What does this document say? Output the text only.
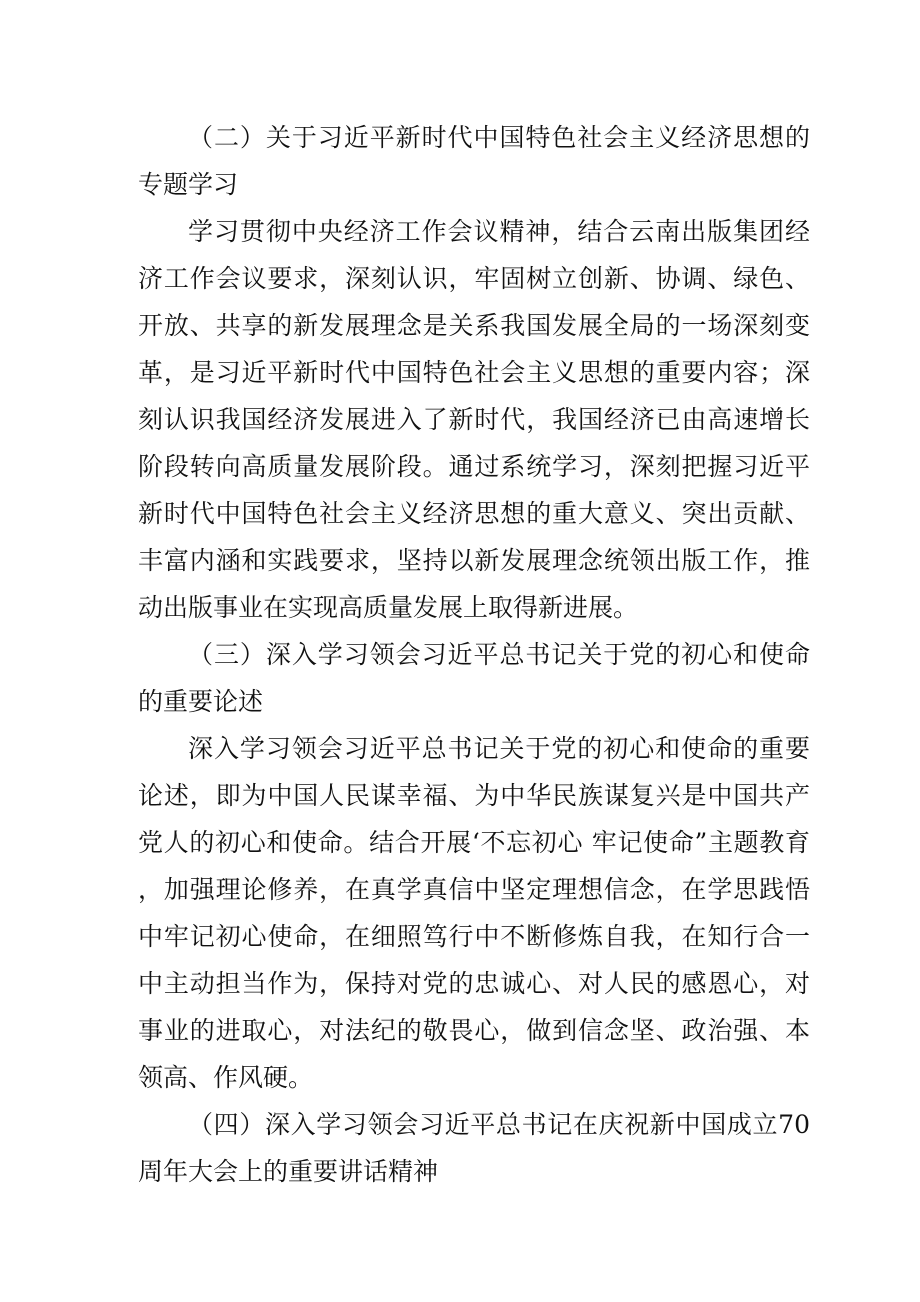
（二）关于习近平新时代中国特色社会主义经济思想的专题学习

学习贯彻中央经济工作会议精神，结合云南出版集团经济工作会议要求，深刻认识，牢固树立创新、协调、绿色、开放、共享的新发展理念是关系我国发展全局的一场深刻变革，是习近平新时代中国特色社会主义思想的重要内容；深刻认识我国经济发展进入了新时代，我国经济已由高速增长阶段转向高质量发展阶段。通过系统学习，深刻把握习近平新时代中国特色社会主义经济思想的重大意义、突出贡献、丰富内涵和实践要求，坚持以新发展理念统领出版工作，推动出版事业在实现高质量发展上取得新进展。

（三）深入学习领会习近平总书记关于党的初心和使命的重要论述

深入学习领会习近平总书记关于党的初心和使命的重要论述，即为中国人民谋幸福、为中华民族谋复兴是中国共产党人的初心和使命。结合开展‘不忘初心 牢记使命”主题教育，加强理论修养，在真学真信中坚定理想信念，在学思践悟中牢记初心使命，在细照笃行中不断修炼自我，在知行合一中主动担当作为，保持对党的忠诚心、对人民的感恩心，对事业的进取心，对法纪的敬畏心，做到信念坚、政治强、本领高、作风硬。

（四）深入学习领会习近平总书记在庆祝新中国成立70周年大会上的重要讲话精神
